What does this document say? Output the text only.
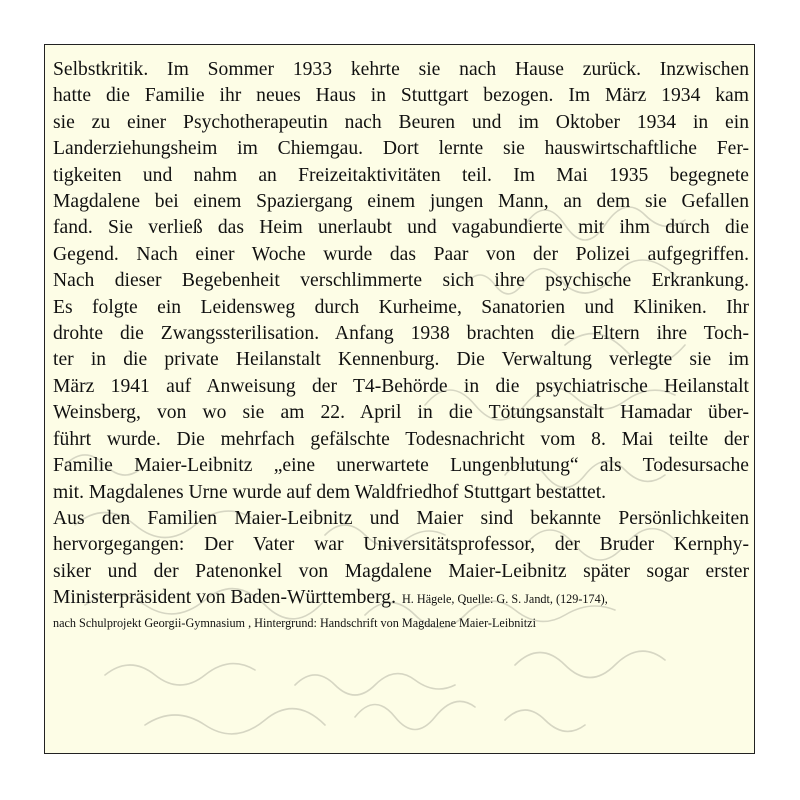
Selbstkritik. Im Sommer 1933 kehrte sie nach Hause zurück. Inzwischen
hatte die Familie ihr neues Haus in Stuttgart bezogen. Im März 1934 kam
sie zu einer Psychotherapeutin nach Beuren und im Oktober 1934 in ein
Landerziehungsheim im Chiemgau. Dort lernte sie hauswirtschaftliche Fer-
tigkeiten und nahm an Freizeitaktivitäten teil. Im Mai 1935 begegnete
Magdalene bei einem Spaziergang einem jungen Mann, an dem sie Gefallen
fand. Sie verließ das Heim unerlaubt und vagabundierte mit ihm durch die
Gegend. Nach einer Woche wurde das Paar von der Polizei aufgegriffen.
Nach dieser Begebenheit verschlimmerte sich ihre psychische Erkrankung.
Es folgte ein Leidensweg durch Kurheime, Sanatorien und Kliniken. Ihr
drohte die Zwangssterilisation. Anfang 1938 brachten die Eltern ihre Toch-
ter in die private Heilanstalt Kennenburg. Die Verwaltung verlegte sie im
März 1941 auf Anweisung der T4-Behörde in die psychiatrische Heilanstalt
Weinsberg, von wo sie am 22. April in die Tötungsanstalt Hamadar über-
führt wurde. Die mehrfach gefälschte Todesnachricht vom 8. Mai teilte der
Familie Maier-Leibnitz „eine unerwartete Lungenblutung“ als Todesursache
mit. Magdalenes Urne wurde auf dem Waldfriedhof Stuttgart bestattet.
Aus den Familien Maier-Leibnitz und Maier sind bekannte Persönlichkeiten
hervorgegangen: Der Vater war Universitätsprofessor, der Bruder Kernphy-
siker und der Patenonkel von Magdalene Maier-Leibnitz später sogar erster
Ministerpräsident von Baden-Württemberg. H. Hägele, Quelle: G. S. Jandt, (129-174),
nach Schulprojekt Georgii-Gymnasium , Hintergrund: Handschrift von Magdalene Maier-Leibnitzi
